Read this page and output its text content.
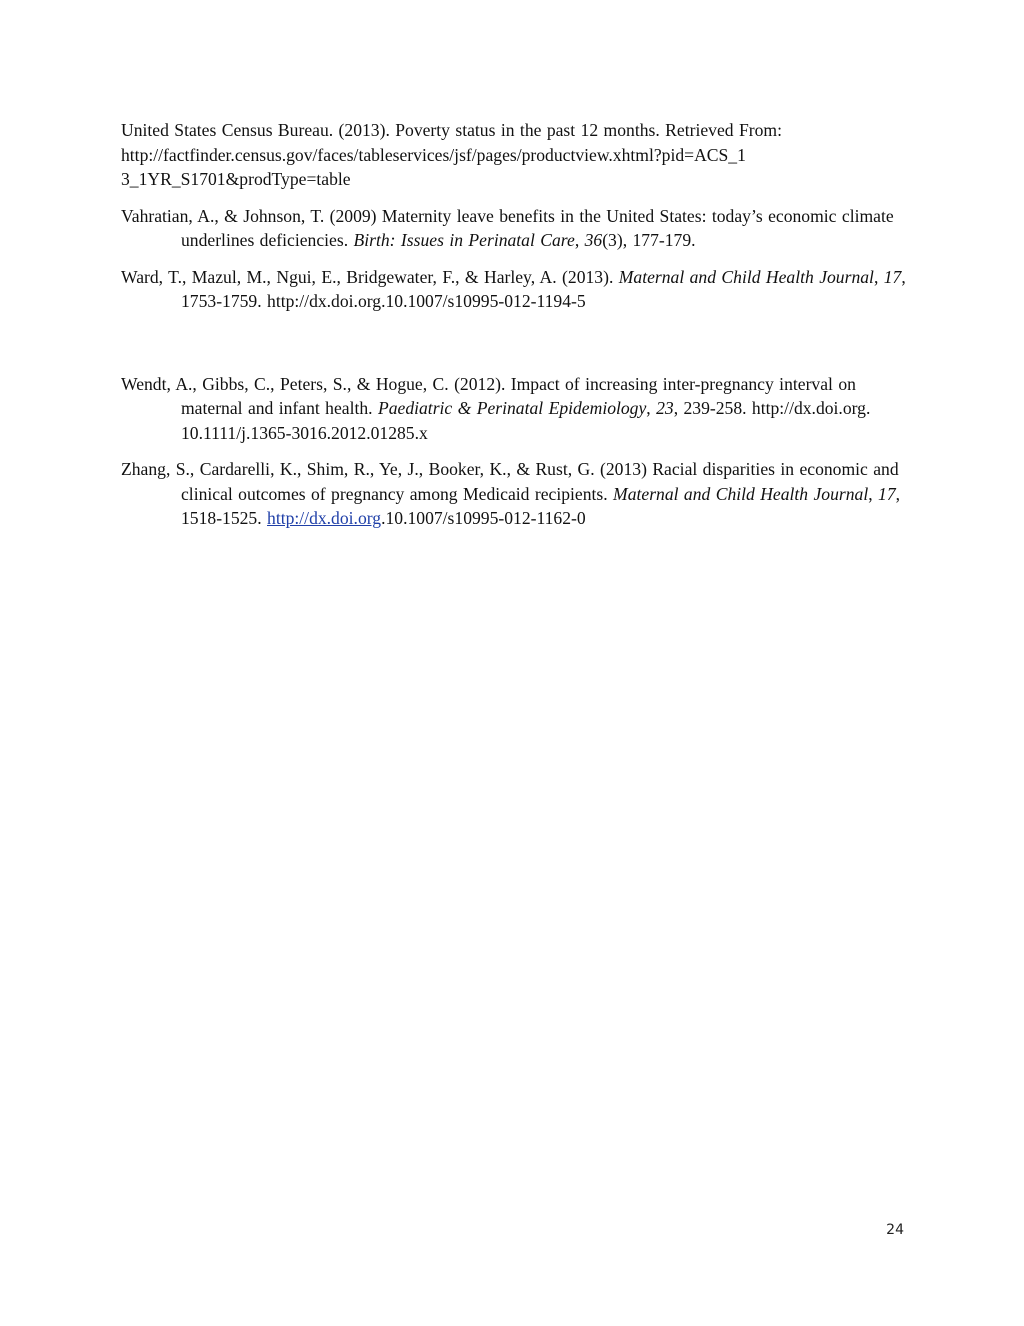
United States Census Bureau. (2013). Poverty status in the past 12 months. Retrieved From:
http://factfinder.census.gov/faces/tableservices/jsf/pages/productview.xhtml?pid=ACS_1
3_1YR_S1701&prodType=table

Vahratian, A., & Johnson, T. (2009) Maternity leave benefits in the United States: today’s economic climate underlines deficiencies. Birth: Issues in Perinatal Care, 36(3), 177-179.

Ward, T., Mazul, M., Ngui, E., Bridgewater, F., & Harley, A. (2013). Maternal and Child Health Journal, 17, 1753-1759. http://dx.doi.org.10.1007/s10995-012-1194-5

Wendt, A., Gibbs, C., Peters, S., & Hogue, C. (2012). Impact of increasing inter-pregnancy interval on maternal and infant health. Paediatric & Perinatal Epidemiology, 23, 239-258. http://dx.doi.org. 10.1111/j.1365-3016.2012.01285.x

Zhang, S., Cardarelli, K., Shim, R., Ye, J., Booker, K., & Rust, G. (2013) Racial disparities in economic and clinical outcomes of pregnancy among Medicaid recipients. Maternal and Child Health Journal, 17, 1518-1525. http://dx.doi.org.10.1007/s10995-012-1162-0

24
